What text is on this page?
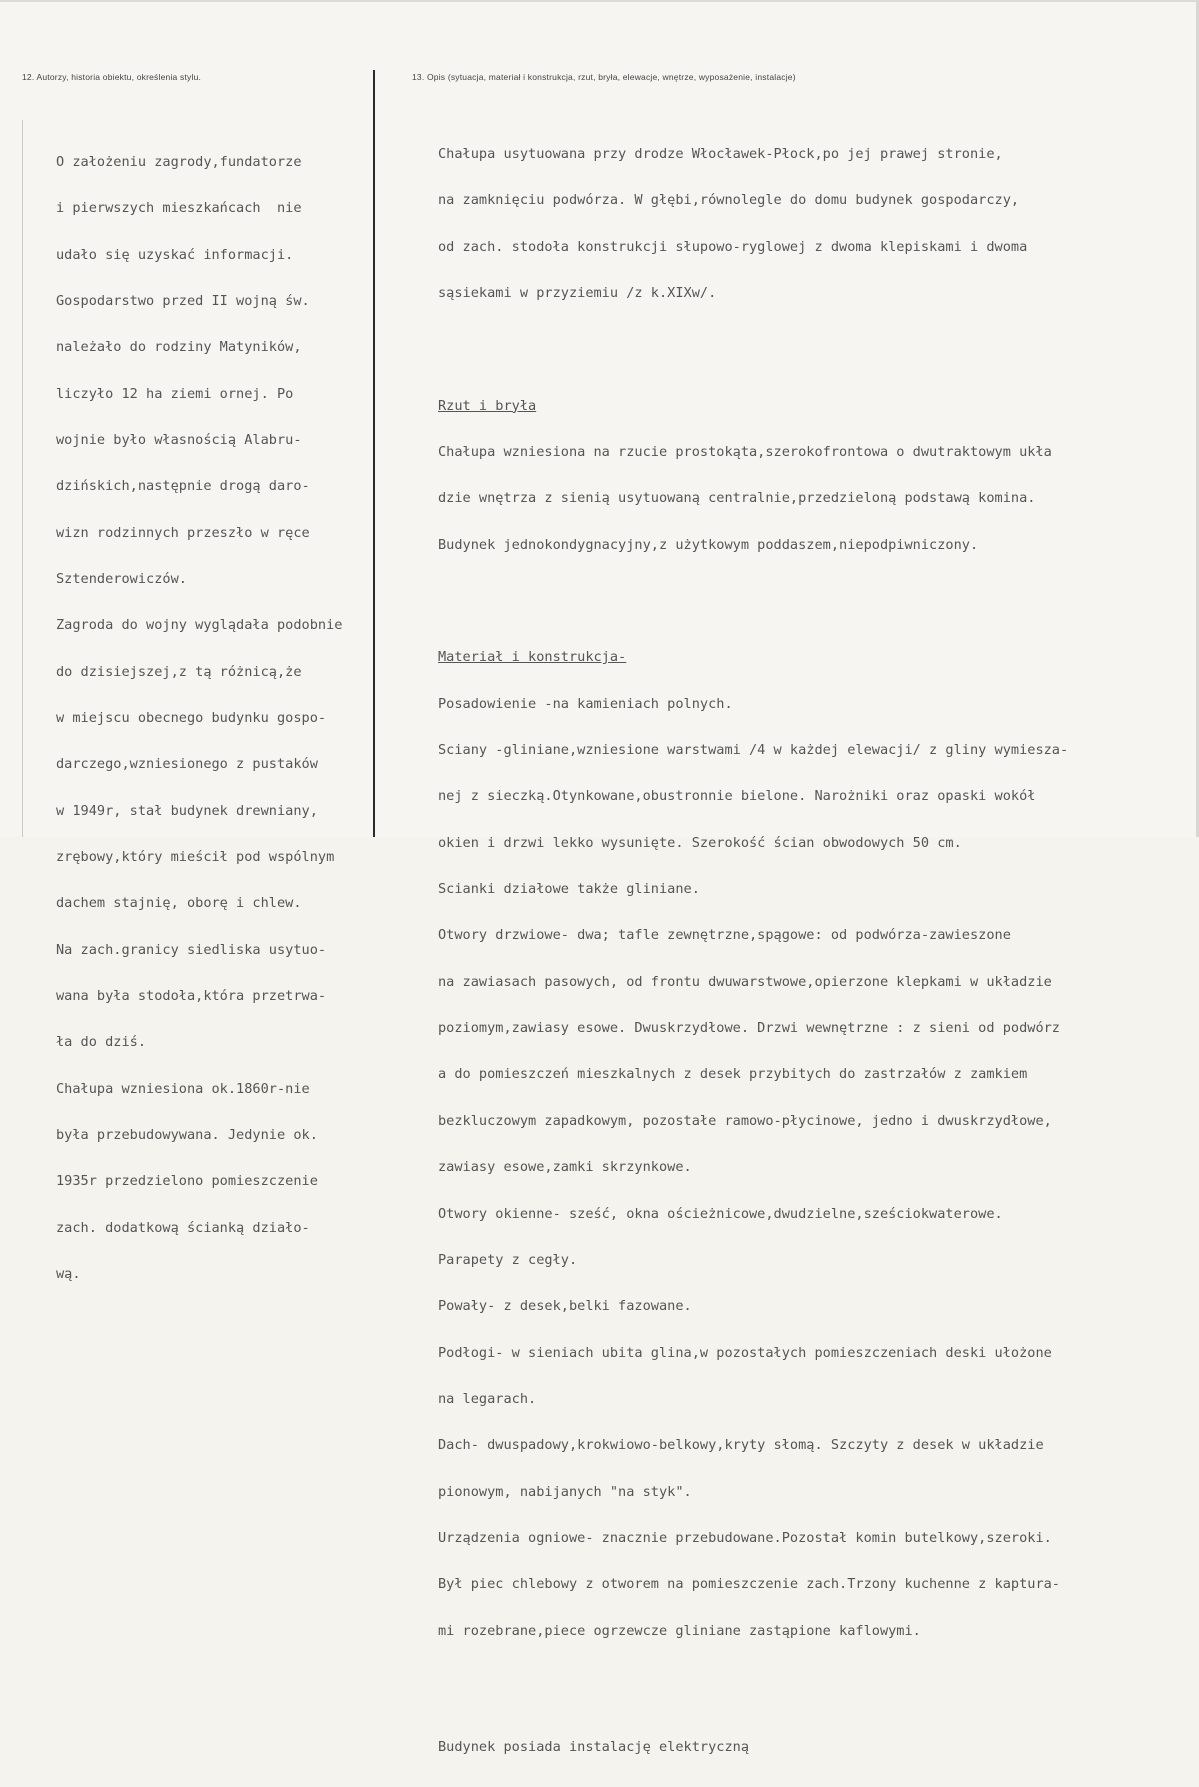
12. Autorzy, historia obiektu, określenia stylu.	13. Opis (sytuacja, materiał i konstrukcja, rzut, bryła, elewacje, wnętrze, wyposażenie, instalacje)

O założeniu zagrody,fundatorze

i pierwszych mieszkańcach  nie

udało się uzyskać informacji.

Gospodarstwo przed II wojną św.

należało do rodziny Matyników,

liczyło 12 ha ziemi ornej. Po

wojnie było własnością Alabru-

dzińskich,następnie drogą daro-

wizn rodzinnych przeszło w ręce

Sztenderowiczów.

Zagroda do wojny wyglądała podobnie

do dzisiejszej,z tą różnicą,że

w miejscu obecnego budynku gospo-

darczego,wzniesionego z pustaków

w 1949r, stał budynek drewniany,

zrębowy,który mieścił pod wspólnym

dachem stajnię, oborę i chlew.

Na zach.granicy siedliska usytuo-

wana była stodoła,która przetrwa-

ła do dziś.

Chałupa wzniesiona ok.1860r-nie

była przebudowywana. Jedynie ok.

1935r przedzielono pomieszczenie

zach. dodatkową ścianką działo-

wą.

Chałupa usytuowana przy drodze Włocławek-Płock,po jej prawej stronie,

na zamknięciu podwórza. W głębi,równolegle do domu budynek gospodarczy,

od zach. stodoła konstrukcji słupowo-ryglowej z dwoma klepiskami i dwoma

sąsiekami w przyziemiu /z k.XIXw/.

Rzut i bryła

Chałupa wzniesiona na rzucie prostokąta,szerokofrontowa o dwutraktowym ukła

dzie wnętrza z sienią usytuowaną centralnie,przedzieloną podstawą komina.

Budynek jednokondygnacyjny,z użytkowym poddaszem,niepodpiwniczony.

Materiał i konstrukcja-

Posadowienie -na kamieniach polnych.

Sciany -gliniane,wzniesione warstwami /4 w każdej elewacji/ z gliny wymiesza-

nej z sieczką.Otynkowane,obustronnie bielone. Narożniki oraz opaski wokół

okien i drzwi lekko wysunięte. Szerokość ścian obwodowych 50 cm.

Scianki działowe także gliniane.

Otwory drzwiowe- dwa; tafle zewnętrzne,spągowe: od podwórza-zawieszone

na zawiasach pasowych, od frontu dwuwarstwowe,opierzone klepkami w układzie

poziomym,zawiasy esowe. Dwuskrzydłowe. Drzwi wewnętrzne : z sieni od podwórz

a do pomieszczeń mieszkalnych z desek przybitych do zastrzałów z zamkiem

bezkluczowym zapadkowym, pozostałe ramowo-płycinowe, jedno i dwuskrzydłowe,

zawiasy esowe,zamki skrzynkowe.

Otwory okienne- sześć, okna ościeżnicowe,dwudzielne,sześciokwaterowe.

Parapety z cegły.

Powały- z desek,belki fazowane.

Podłogi- w sieniach ubita glina,w pozostałych pomieszczeniach deski ułożone

na legarach.

Dach- dwuspadowy,krokwiowo-belkowy,kryty słomą. Szczyty z desek w układzie

pionowym, nabijanych "na styk".

Urządzenia ogniowe- znacznie przebudowane.Pozostał komin butelkowy,szeroki.

Był piec chlebowy z otworem na pomieszczenie zach.Trzony kuchenne z kaptura-

mi rozebrane,piece ogrzewcze gliniane zastąpione kaflowymi.

Budynek posiada instalację elektryczną
